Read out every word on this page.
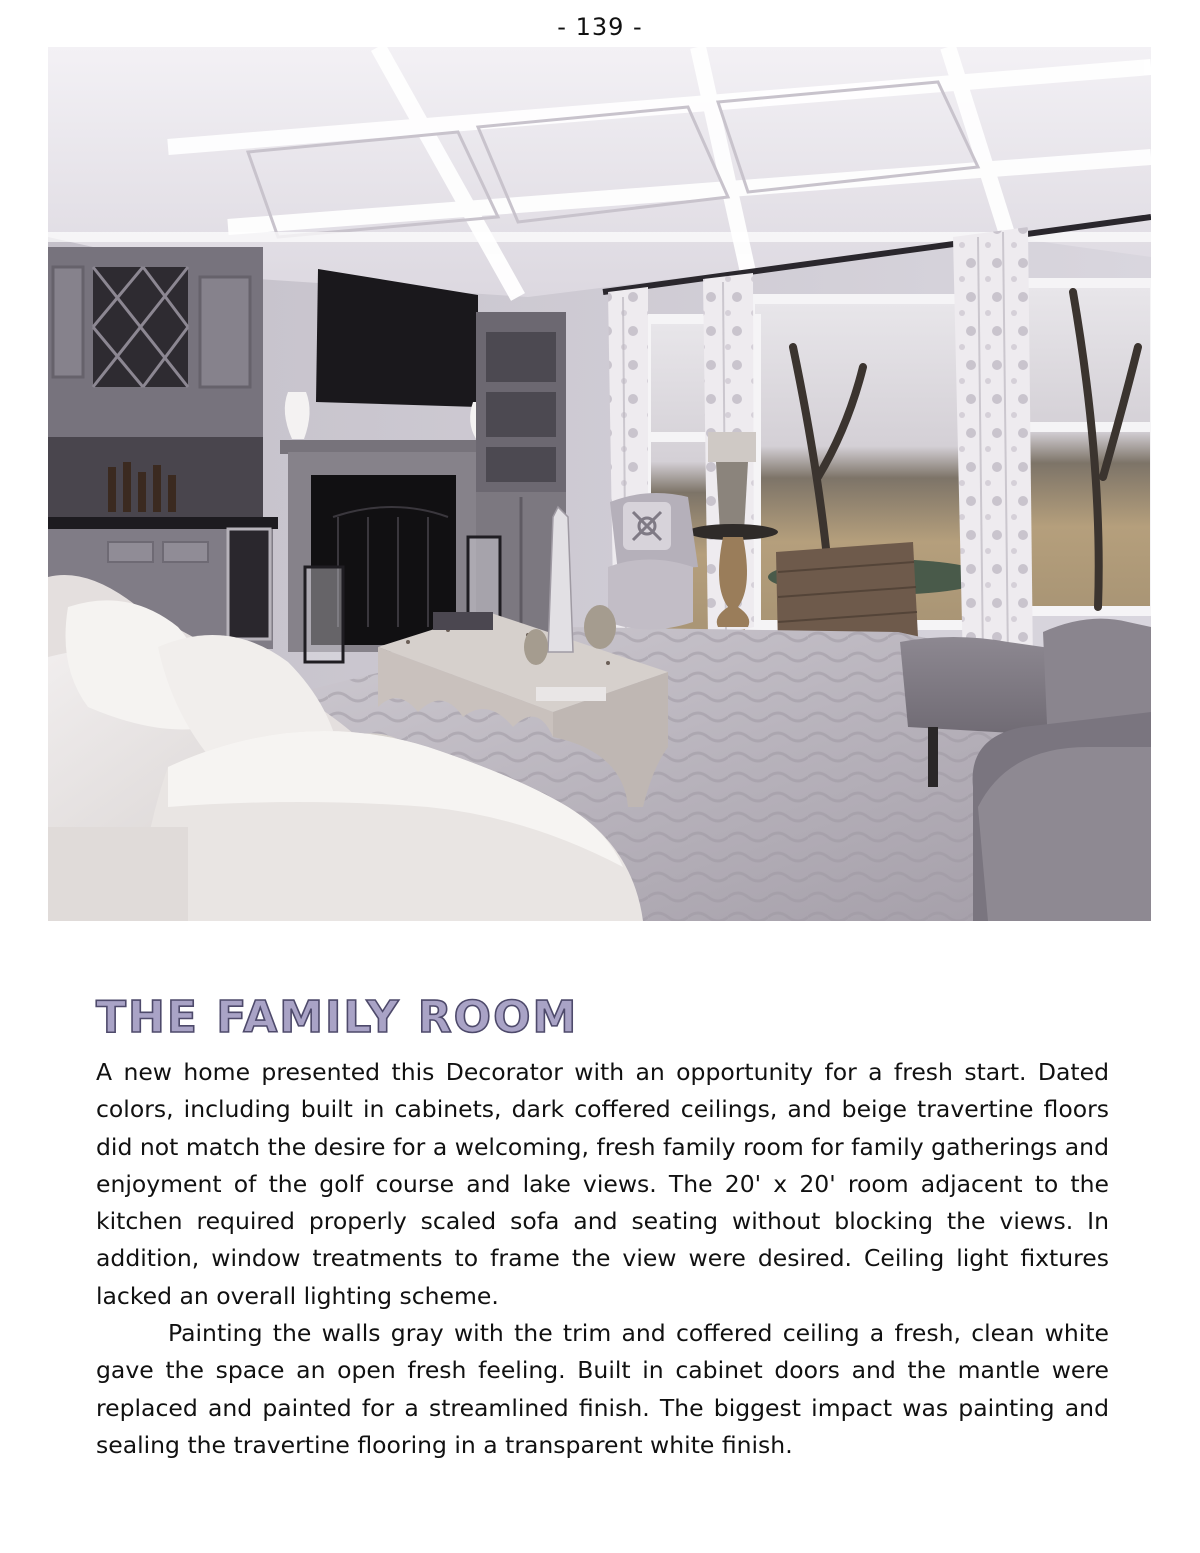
- 139 -
THE FAMILY ROOM

A new home presented this Decorator with an opportunity for a fresh start. Dated colors, including built in cabinets, dark coffered ceilings, and beige travertine floors did not match the desire for a welcoming, fresh family room for family gatherings and enjoyment of the golf course and lake views. The 20' x 20' room adjacent to the kitchen required properly scaled sofa and seating without blocking the views. In addition, window treatments to frame the view were desired. Ceiling light fixtures lacked an overall lighting scheme.

Painting the walls gray with the trim and coffered ceiling a fresh, clean white gave the space an open fresh feeling. Built in cabinet doors and the mantle were replaced and painted for a streamlined finish. The biggest impact was painting and sealing the travertine flooring in a transparent white finish.
